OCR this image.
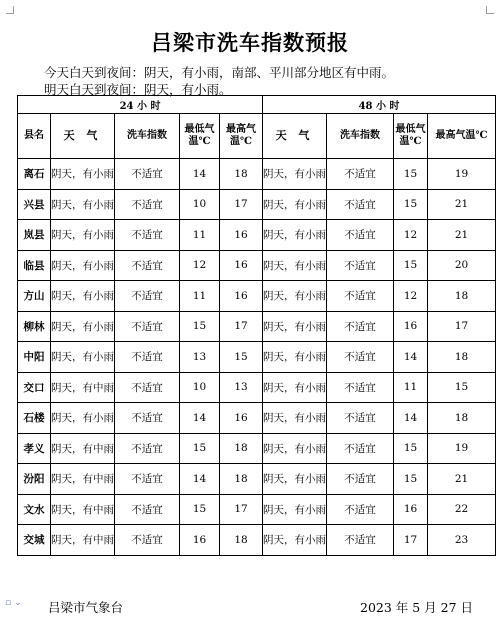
吕梁市洗车指数预报
今天白天到夜间：阴天，有小雨，南部、平川部分地区有中雨。
明天白天到夜间：阴天，有小雨。
24 小 时					48 小 时			
县名	天 气	洗车指数	最低气温℃	最高气温℃	天 气	洗车指数	最低气温℃	最高气温℃
离石	阴天，有小雨	不适宜	14	18	阴天，有小雨	不适宜	15	19
兴县	阴天，有小雨	不适宜	10	17	阴天，有小雨	不适宜	15	21
岚县	阴天，有小雨	不适宜	11	16	阴天，有小雨	不适宜	12	21
临县	阴天，有小雨	不适宜	12	16	阴天，有小雨	不适宜	15	20
方山	阴天，有小雨	不适宜	11	16	阴天，有小雨	不适宜	12	18
柳林	阴天，有小雨	不适宜	15	17	阴天，有小雨	不适宜	16	17
中阳	阴天，有小雨	不适宜	13	15	阴天，有小雨	不适宜	14	18
交口	阴天，有中雨	不适宜	10	13	阴天，有小雨	不适宜	11	15
石楼	阴天，有小雨	不适宜	14	16	阴天，有小雨	不适宜	14	18
孝义	阴天，有中雨	不适宜	15	18	阴天，有小雨	不适宜	15	19
汾阳	阴天，有中雨	不适宜	14	18	阴天，有小雨	不适宜	15	21
文水	阴天，有中雨	不适宜	15	17	阴天，有小雨	不适宜	16	22
交城	阴天，有中雨	不适宜	16	18	阴天，有小雨	不适宜	17	23
▫ ⌄ 吕梁市气象台	2023 年 5 月 27 日
